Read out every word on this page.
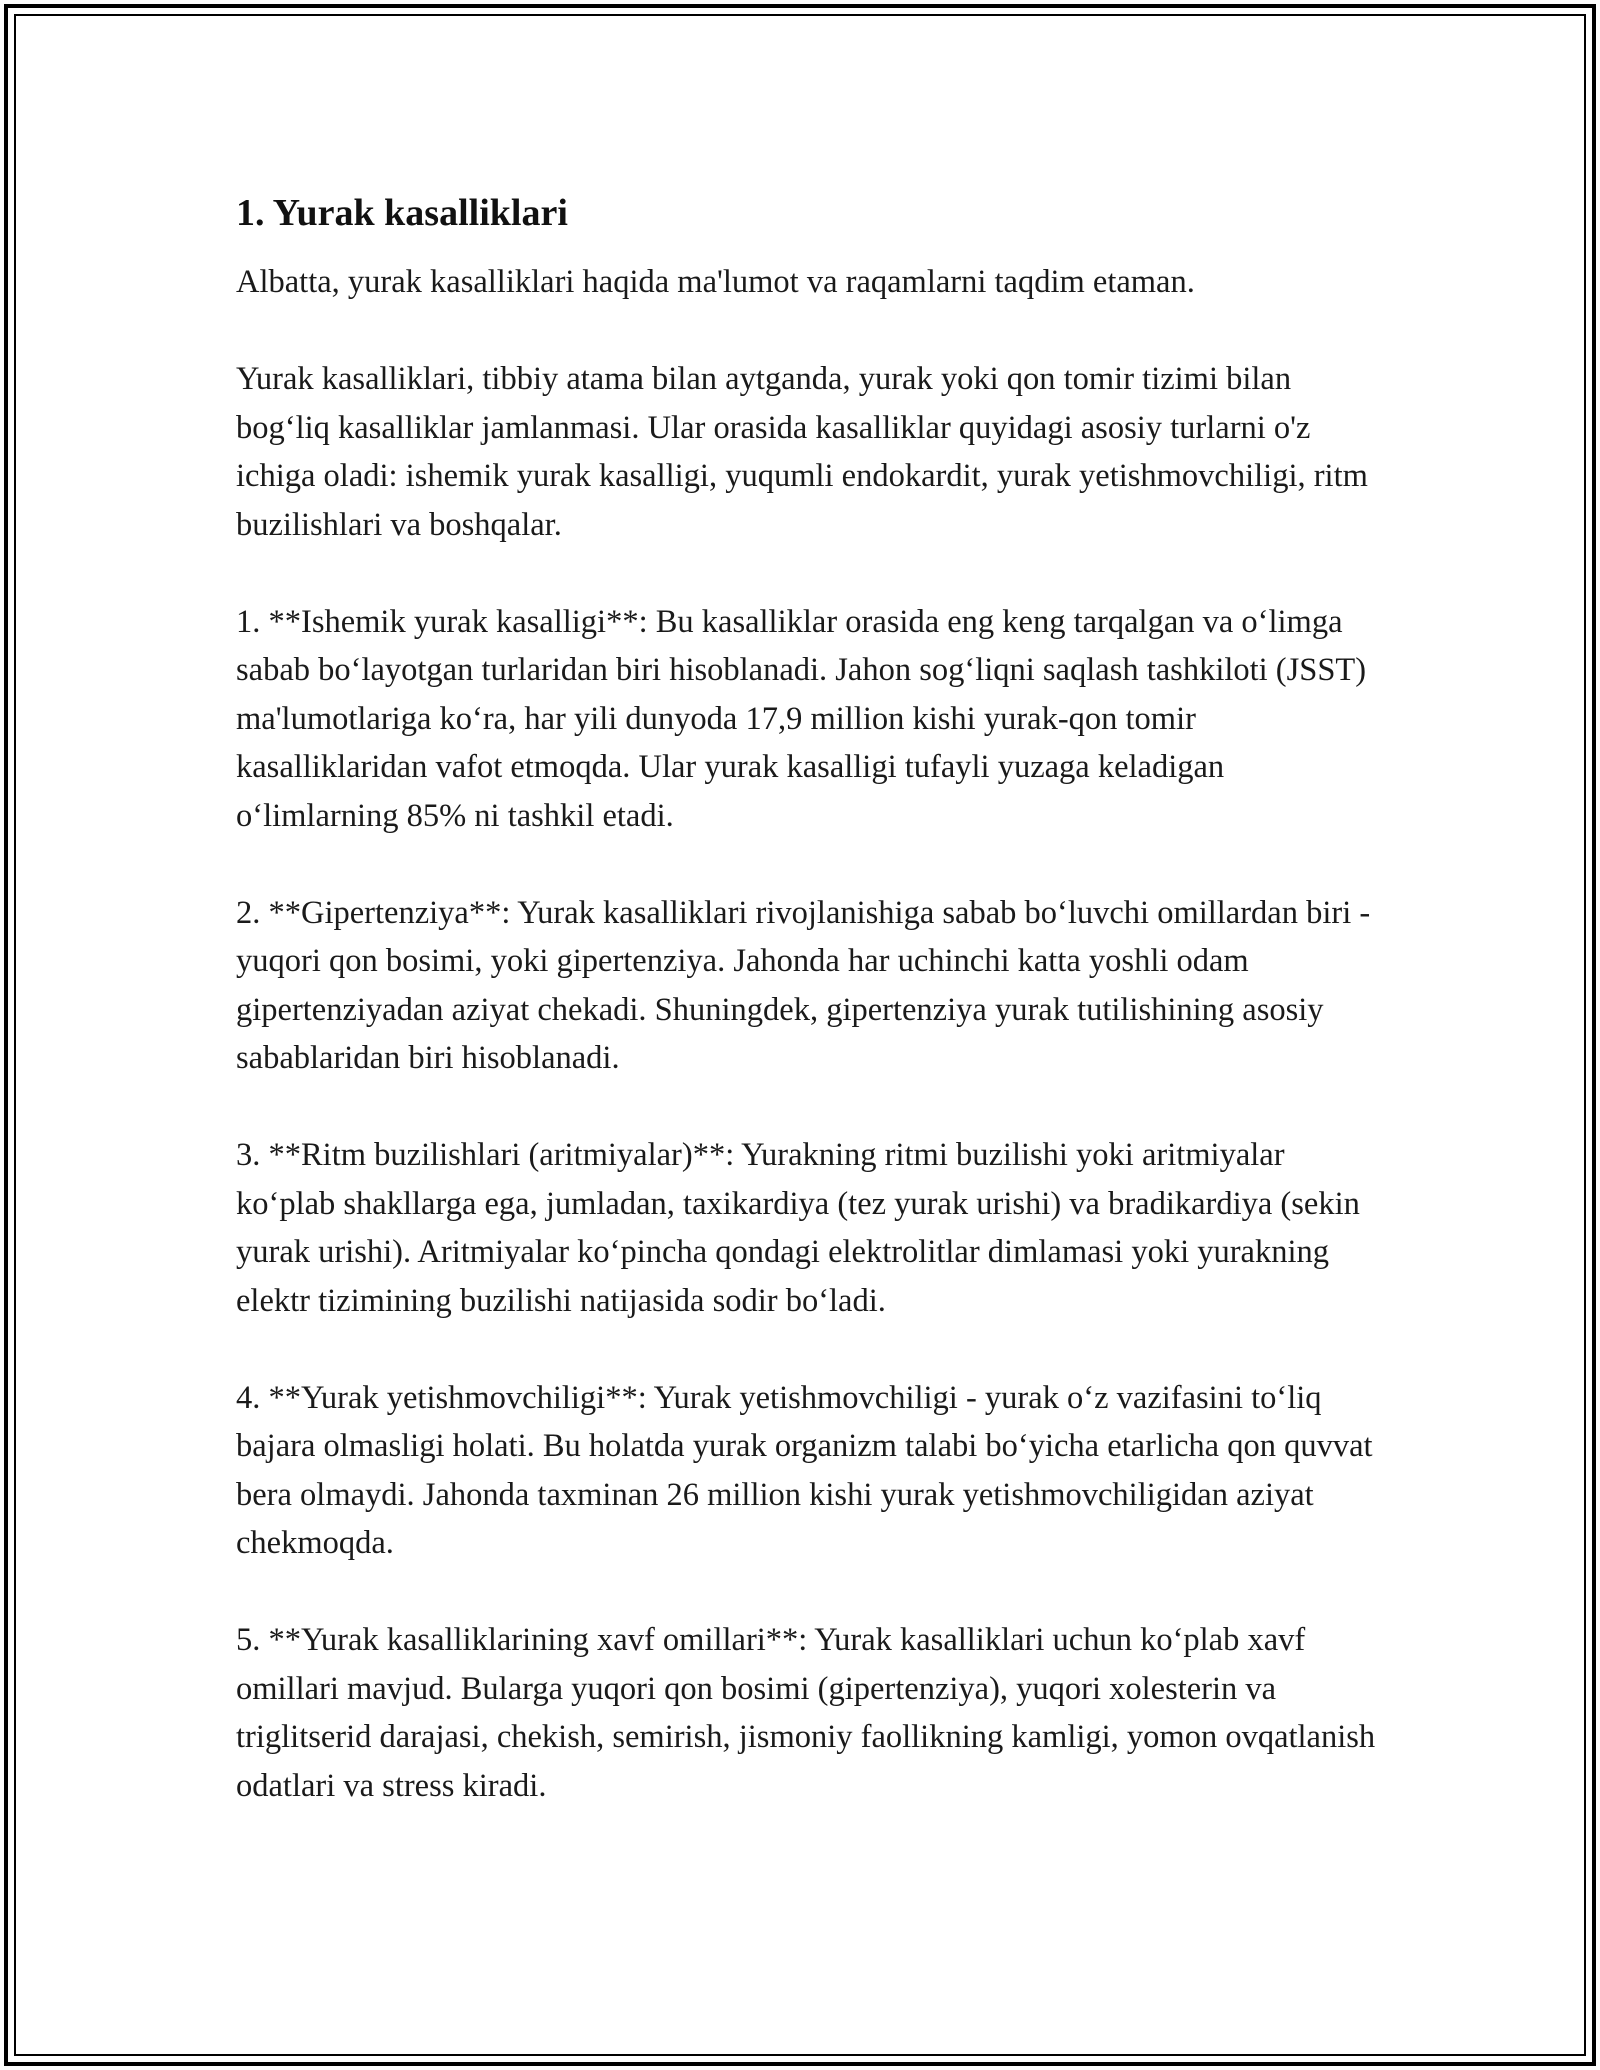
1. Yurak kasalliklari

Albatta, yurak kasalliklari haqida ma'lumot va raqamlarni taqdim etaman.

Yurak kasalliklari, tibbiy atama bilan aytganda, yurak yoki qon tomir tizimi bilan bog‘liq kasalliklar jamlanmasi. Ular orasida kasalliklar quyidagi asosiy turlarni o'z ichiga oladi: ishemik yurak kasalligi, yuqumli endokardit, yurak yetishmovchiligi, ritm buzilishlari va boshqalar.

1. **Ishemik yurak kasalligi**: Bu kasalliklar orasida eng keng tarqalgan va o‘limga sabab bo‘layotgan turlaridan biri hisoblanadi. Jahon sog‘liqni saqlash tashkiloti (JSST) ma'lumotlariga ko‘ra, har yili dunyoda 17,9 million kishi yurak-qon tomir kasalliklaridan vafot etmoqda. Ular yurak kasalligi tufayli yuzaga keladigan o‘limlarning 85% ni tashkil etadi.

2. **Gipertenziya**: Yurak kasalliklari rivojlanishiga sabab bo‘luvchi omillardan biri - yuqori qon bosimi, yoki gipertenziya. Jahonda har uchinchi katta yoshli odam gipertenziyadan aziyat chekadi. Shuningdek, gipertenziya yurak tutilishining asosiy sabablaridan biri hisoblanadi.

3. **Ritm buzilishlari (aritmiyalar)**: Yurakning ritmi buzilishi yoki aritmiyalar ko‘plab shakllarga ega, jumladan, taxikardiya (tez yurak urishi) va bradikardiya (sekin yurak urishi). Aritmiyalar ko‘pincha qondagi elektrolitlar dimlamasi yoki yurakning elektr tizimining buzilishi natijasida sodir bo‘ladi.

4. **Yurak yetishmovchiligi**: Yurak yetishmovchiligi - yurak o‘z vazifasini to‘liq bajara olmasligi holati. Bu holatda yurak organizm talabi bo‘yicha etarlicha qon quvvat bera olmaydi. Jahonda taxminan 26 million kishi yurak yetishmovchiligidan aziyat chekmoqda.

5. **Yurak kasalliklarining xavf omillari**: Yurak kasalliklari uchun ko‘plab xavf omillari mavjud. Bularga yuqori qon bosimi (gipertenziya), yuqori xolesterin va triglitserid darajasi, chekish, semirish, jismoniy faollikning kamligi, yomon ovqatlanish odatlari va stress kiradi.
